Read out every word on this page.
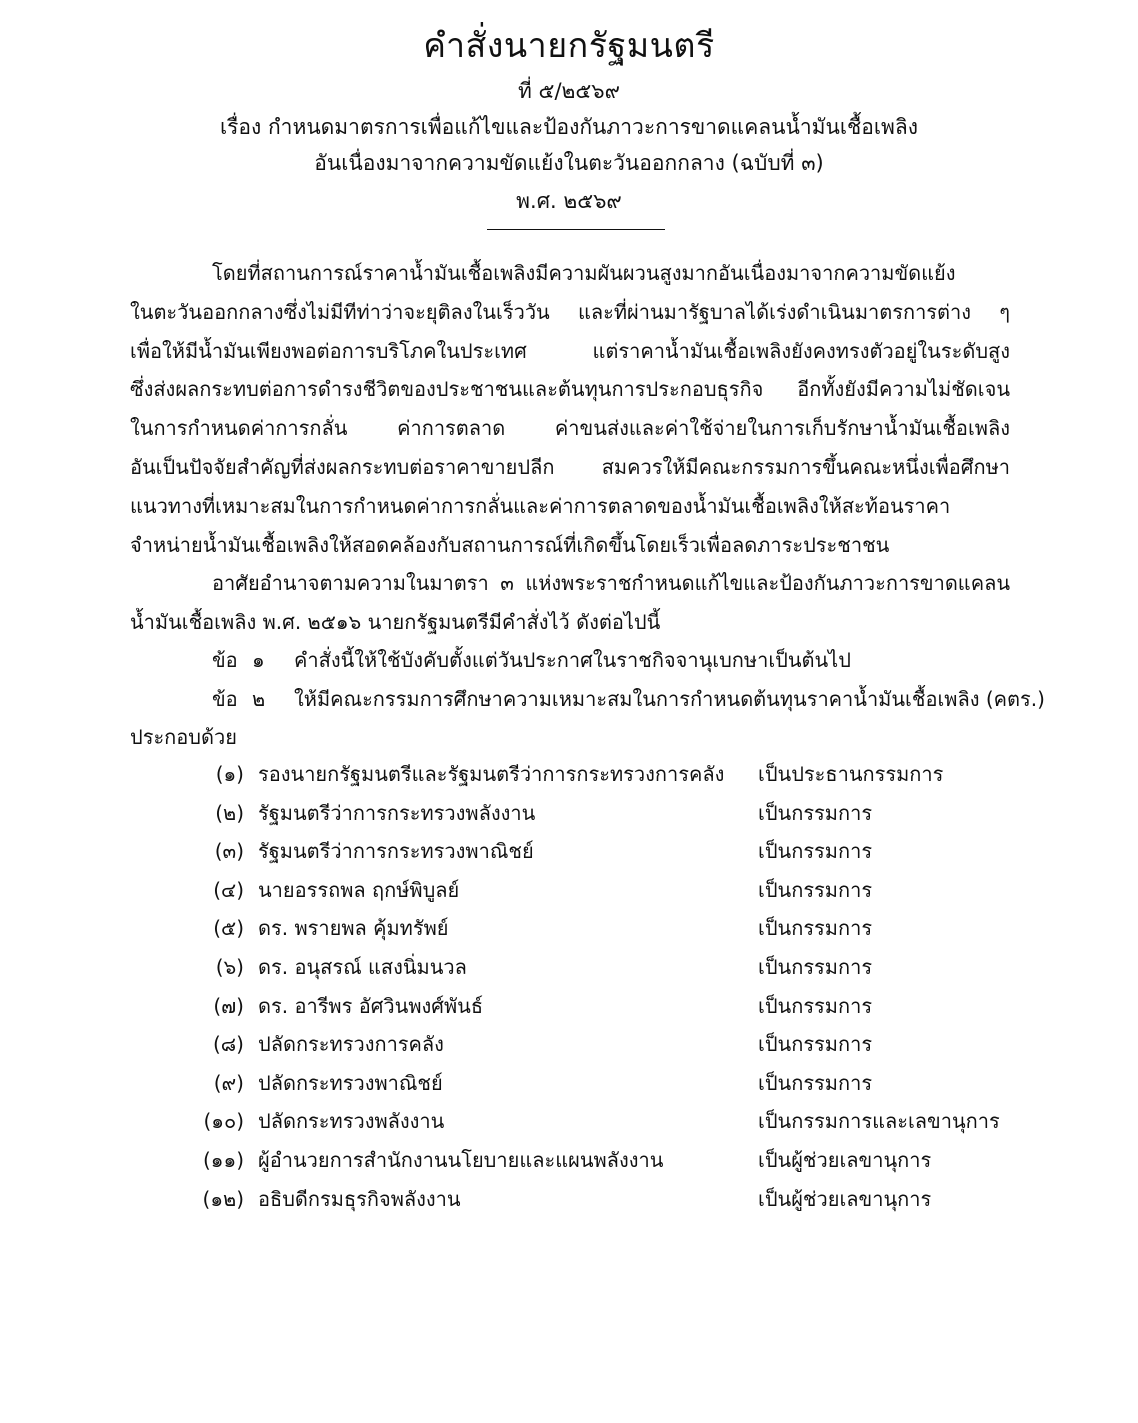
คำสั่งนายกรัฐมนตรี
ที่ ๕/๒๕๖๙
เรื่อง กำหนดมาตรการเพื่อแก้ไขและป้องกันภาวะการขาดแคลนน้ำมันเชื้อเพลิง
อันเนื่องมาจากความขัดแย้งในตะวันออกกลาง (ฉบับที่ ๓)
พ.ศ. ๒๕๖๙
โดยที่สถานการณ์ราคาน้ำมันเชื้อเพลิงมีความผันผวนสูงมากอันเนื่องมาจากความขัดแย้ง
ในตะวันออกกลางซึ่งไม่มีทีท่าว่าจะยุติลงในเร็ววัน และที่ผ่านมารัฐบาลได้เร่งดำเนินมาตรการต่าง ๆ
เพื่อให้มีน้ำมันเพียงพอต่อการบริโภคในประเทศ แต่ราคาน้ำมันเชื้อเพลิงยังคงทรงตัวอยู่ในระดับสูง
ซึ่งส่งผลกระทบต่อการดำรงชีวิตของประชาชนและต้นทุนการประกอบธุรกิจ อีกทั้งยังมีความไม่ชัดเจน
ในการกำหนดค่าการกลั่น ค่าการตลาด ค่าขนส่งและค่าใช้จ่ายในการเก็บรักษาน้ำมันเชื้อเพลิง
อันเป็นปัจจัยสำคัญที่ส่งผลกระทบต่อราคาขายปลีก สมควรให้มีคณะกรรมการขึ้นคณะหนึ่งเพื่อศึกษา
แนวทางที่เหมาะสมในการกำหนดค่าการกลั่นและค่าการตลาดของน้ำมันเชื้อเพลิงให้สะท้อนราคา
จำหน่ายน้ำมันเชื้อเพลิงให้สอดคล้องกับสถานการณ์ที่เกิดขึ้นโดยเร็วเพื่อลดภาระประชาชน
อาศัยอำนาจตามความในมาตรา ๓ แห่งพระราชกำหนดแก้ไขและป้องกันภาวะการขาดแคลน
น้ำมันเชื้อเพลิง พ.ศ. ๒๕๑๖ นายกรัฐมนตรีมีคำสั่งไว้ ดังต่อไปนี้
ข้อ ๑ คำสั่งนี้ให้ใช้บังคับตั้งแต่วันประกาศในราชกิจจานุเบกษาเป็นต้นไป
ข้อ ๒ ให้มีคณะกรรมการศึกษาความเหมาะสมในการกำหนดต้นทุนราคาน้ำมันเชื้อเพลิง (คตร.)
ประกอบด้วย
(๑) รองนายกรัฐมนตรีและรัฐมนตรีว่าการกระทรวงการคลัง เป็นประธานกรรมการ
(๒) รัฐมนตรีว่าการกระทรวงพลังงาน	เป็นกรรมการ
(๓) รัฐมนตรีว่าการกระทรวงพาณิชย์	เป็นกรรมการ
(๔) นายอรรถพล ฤกษ์พิบูลย์	เป็นกรรมการ
(๕) ดร. พรายพล คุ้มทรัพย์	เป็นกรรมการ
(๖) ดร. อนุสรณ์ แสงนิ่มนวล	เป็นกรรมการ
(๗) ดร. อารีพร อัศวินพงศ์พันธ์	เป็นกรรมการ
(๘) ปลัดกระทรวงการคลัง	เป็นกรรมการ
(๙) ปลัดกระทรวงพาณิชย์	เป็นกรรมการ
(๑๐) ปลัดกระทรวงพลังงาน	เป็นกรรมการและเลขานุการ
(๑๑) ผู้อำนวยการสำนักงานนโยบายและแผนพลังงาน	เป็นผู้ช่วยเลขานุการ
(๑๒) อธิบดีกรมธุรกิจพลังงาน	เป็นผู้ช่วยเลขานุการ
